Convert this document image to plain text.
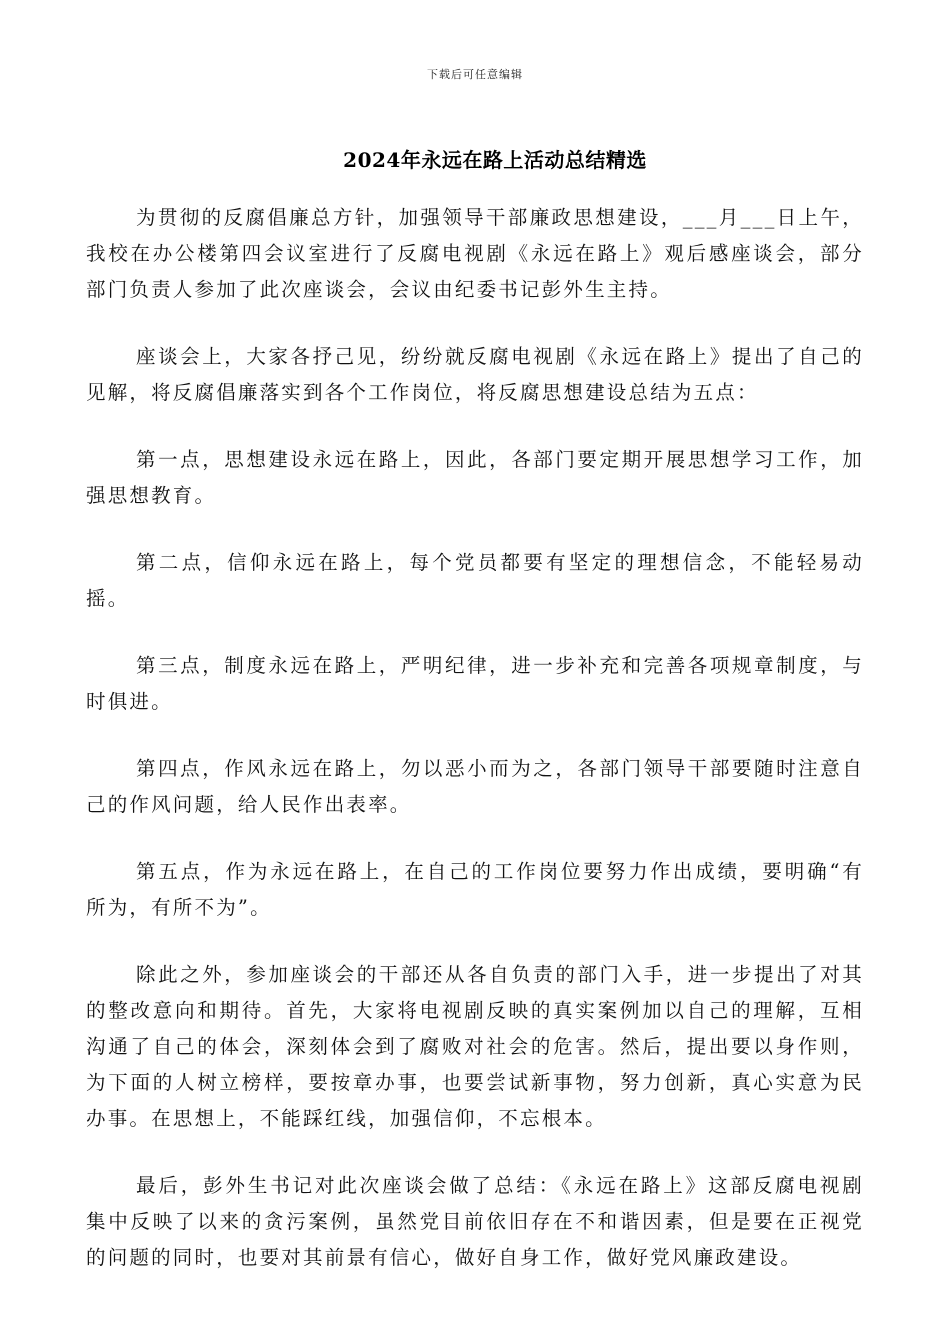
下载后可任意编辑
2024年永远在路上活动总结精选

为贯彻的反腐倡廉总方针，加强领导干部廉政思想建设，___月___日上午，我校在办公楼第四会议室进行了反腐电视剧《永远在路上》观后感座谈会，部分部门负责人参加了此次座谈会，会议由纪委书记彭外生主持。

座谈会上，大家各抒己见，纷纷就反腐电视剧《永远在路上》提出了自己的见解，将反腐倡廉落实到各个工作岗位，将反腐思想建设总结为五点：

第一点，思想建设永远在路上，因此，各部门要定期开展思想学习工作，加强思想教育。

第二点，信仰永远在路上，每个党员都要有坚定的理想信念，不能轻易动摇。

第三点，制度永远在路上，严明纪律，进一步补充和完善各项规章制度，与时俱进。

第四点，作风永远在路上，勿以恶小而为之，各部门领导干部要随时注意自己的作风问题，给人民作出表率。

第五点，作为永远在路上，在自己的工作岗位要努力作出成绩，要明确“有所为，有所不为”。

除此之外，参加座谈会的干部还从各自负责的部门入手，进一步提出了对其的整改意向和期待。首先，大家将电视剧反映的真实案例加以自己的理解，互相沟通了自己的体会，深刻体会到了腐败对社会的危害。然后，提出要以身作则，为下面的人树立榜样，要按章办事，也要尝试新事物，努力创新，真心实意为民办事。在思想上，不能踩红线，加强信仰，不忘根本。

最后，彭外生书记对此次座谈会做了总结：《永远在路上》这部反腐电视剧集中反映了以来的贪污案例，虽然党目前依旧存在不和谐因素，但是要在正视党的问题的同时，也要对其前景有信心，做好自身工作，做好党风廉政建设。
